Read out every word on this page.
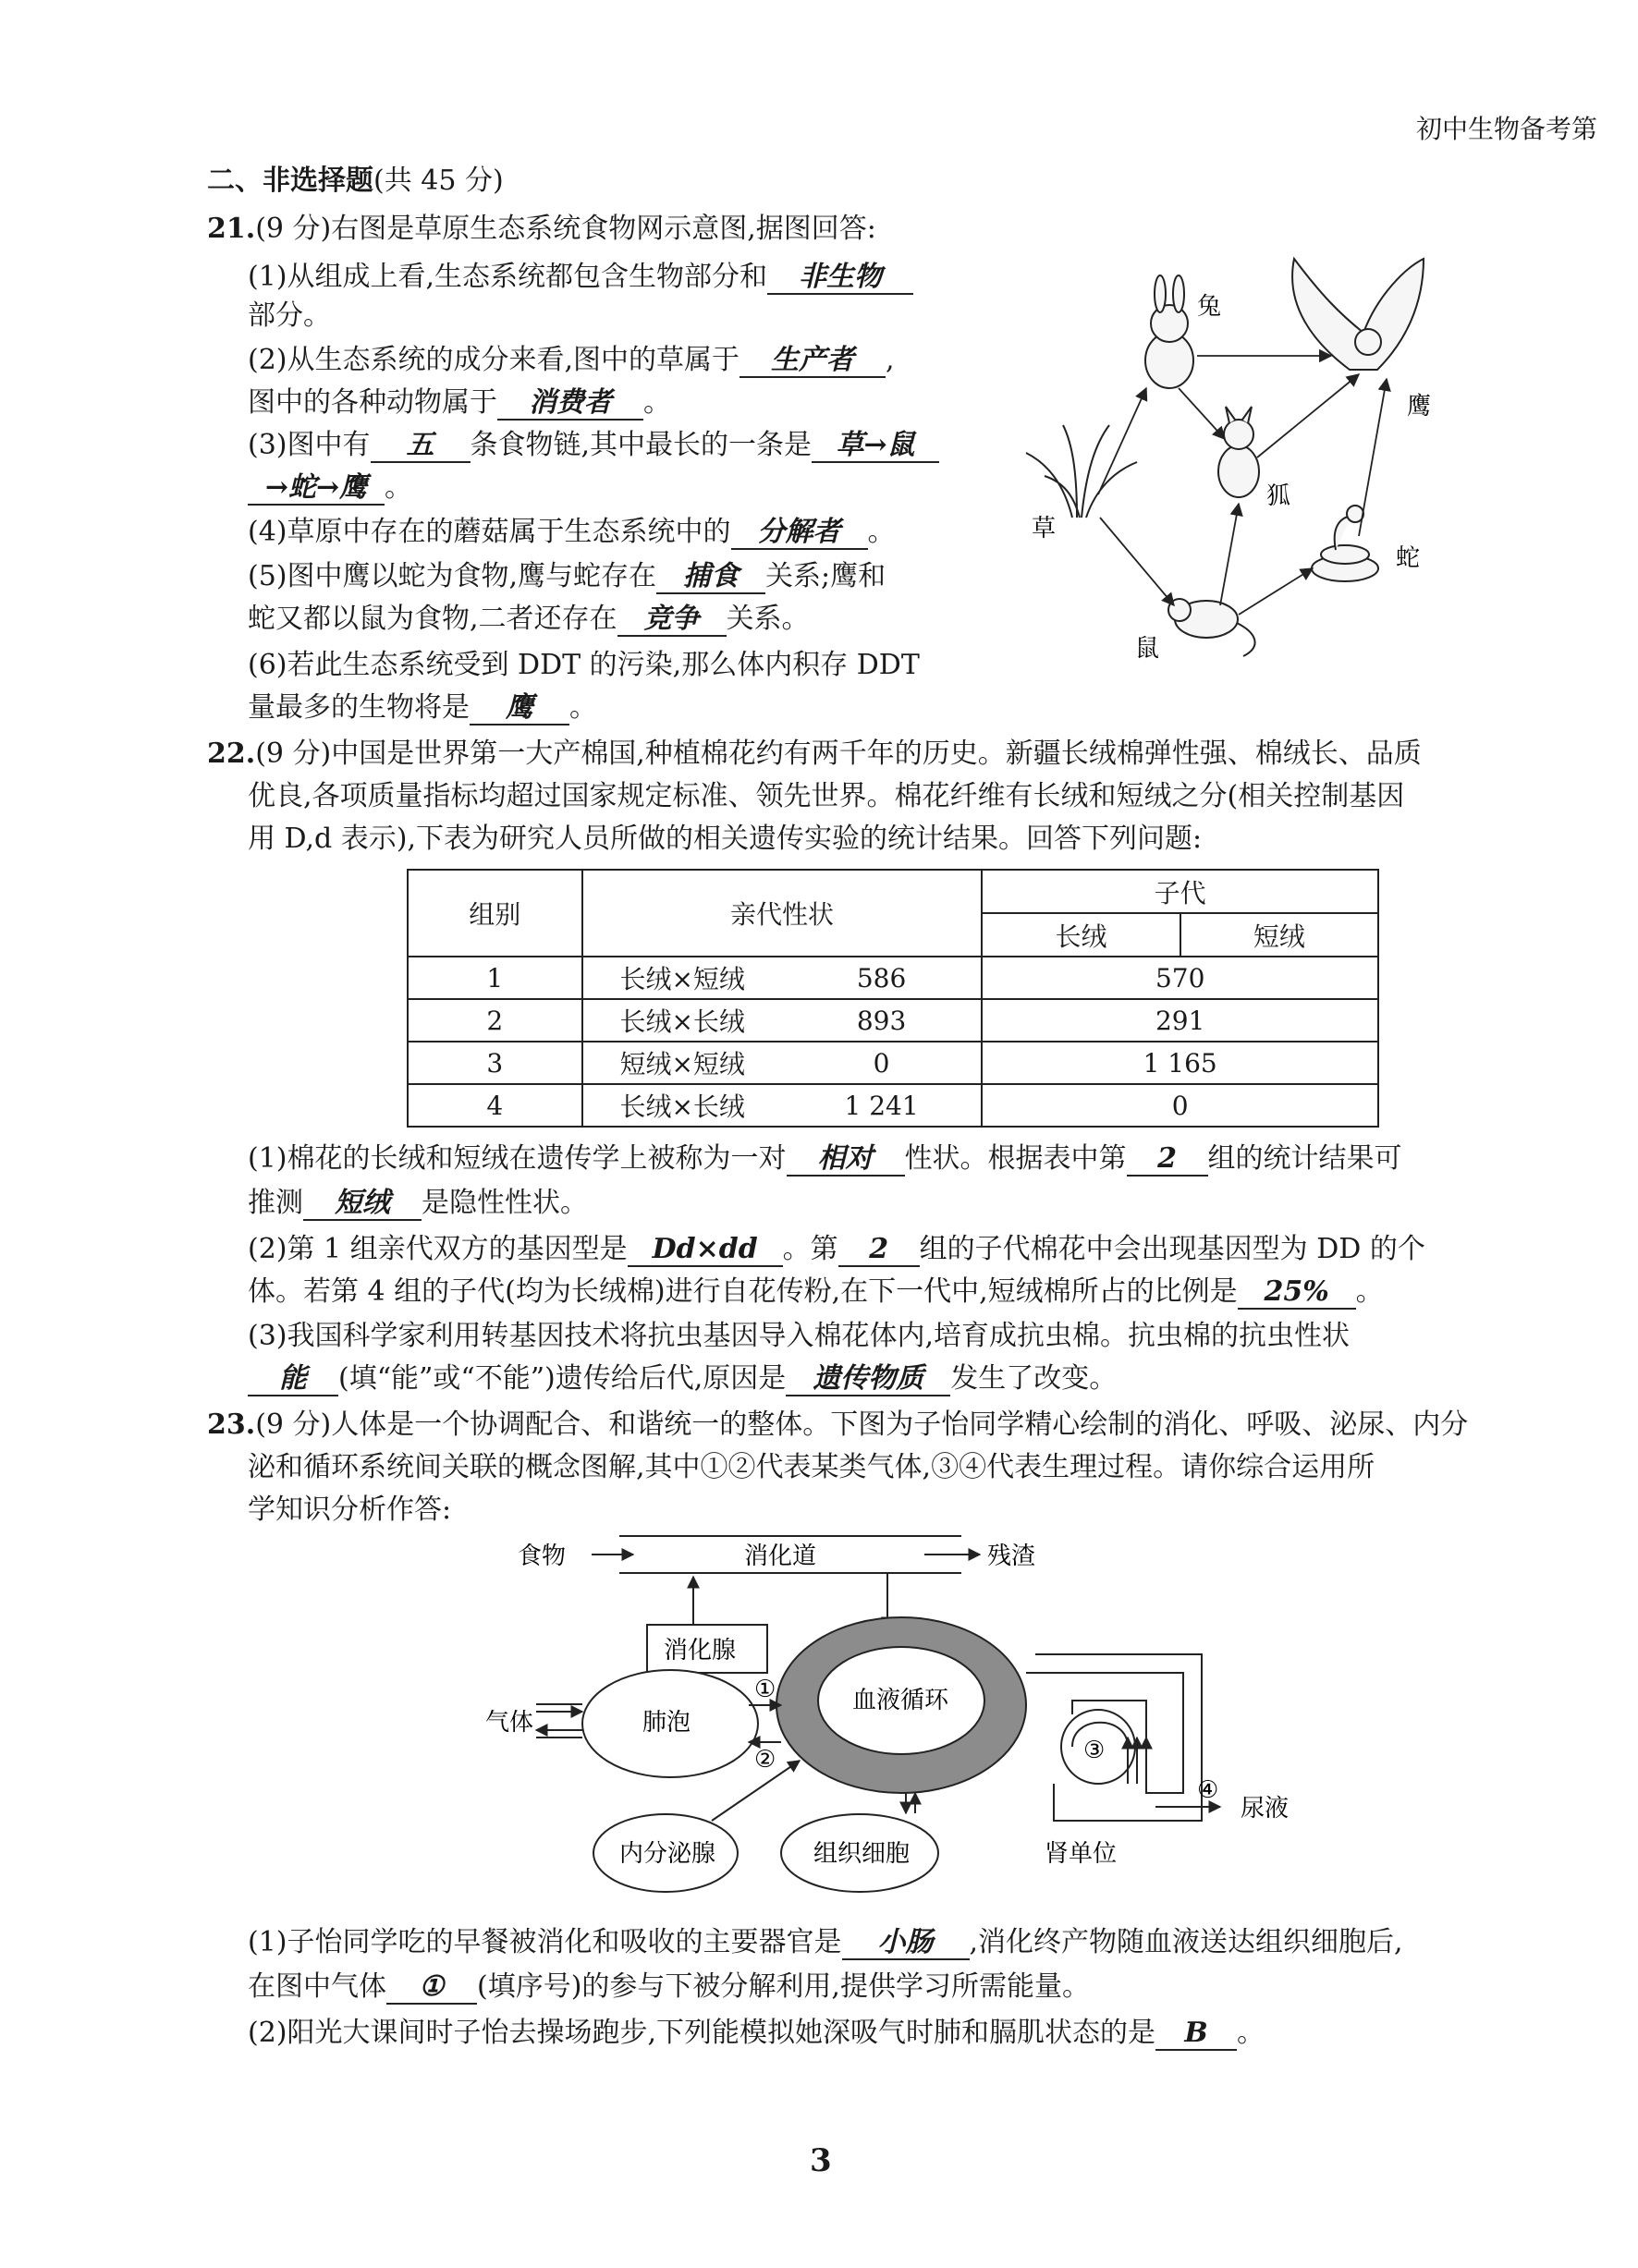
初中生物备考第
二、非选择题(共 45 分)
21.(9 分)右图是草原生态系统食物网示意图,据图回答:
(1)从组成上看,生态系统都包含生物部分和 非生物
部分。
(2)从生态系统的成分来看,图中的草属于 生产者 ,
图中的各种动物属于 消费者 。
(3)图中有 五 条食物链,其中最长的一条是 草→鼠
→蛇→鹰 。
(4)草原中存在的蘑菇属于生态系统中的 分解者 。
(5)图中鹰以蛇为食物,鹰与蛇存在 捕食 关系;鹰和
蛇又都以鼠为食物,二者还存在 竞争 关系。
(6)若此生态系统受到 DDT 的污染,那么体内积存 DDT
量最多的生物将是 鹰 。
草
兔
鹰
狐
蛇
鼠
22.(9 分)中国是世界第一大产棉国,种植棉花约有两千年的历史。新疆长绒棉弹性强、棉绒长、品质
优良,各项质量指标均超过国家规定标准、领先世界。棉花纤维有长绒和短绒之分(相关控制基因
用 D,d 表示),下表为研究人员所做的相关遗传实验的统计结果。回答下列问题:
组别	亲代性状		子代	
			长绒	短绒
1	长绒×短绒	586	570	
2	长绒×长绒	893	291	
3	短绒×短绒	0	1 165	
4	长绒×长绒	1 241	0	
(1)棉花的长绒和短绒在遗传学上被称为一对 相对 性状。根据表中第 2 组的统计结果可
推测 短绒 是隐性性状。
(2)第 1 组亲代双方的基因型是 Dd×dd 。第 2 组的子代棉花中会出现基因型为 DD 的个
体。若第 4 组的子代(均为长绒棉)进行自花传粉,在下一代中,短绒棉所占的比例是 25% 。
(3)我国科学家利用转基因技术将抗虫基因导入棉花体内,培育成抗虫棉。抗虫棉的抗虫性状
能 (填“能”或“不能”)遗传给后代,原因是 遗传物质 发生了改变。
23.(9 分)人体是一个协调配合、和谐统一的整体。下图为子怡同学精心绘制的消化、呼吸、泌尿、内分
泌和循环系统间关联的概念图解,其中①②代表某类气体,③④代表生理过程。请你综合运用所
学知识分析作答:
食物	消化道	残渣
消化腺
血液循环
气体	肺泡
①
②	③
④
内分泌腺	组织细胞
尿液
肾单位
(1)子怡同学吃的早餐被消化和吸收的主要器官是 小肠 ,消化终产物随血液送达组织细胞后,
在图中气体 ① (填序号)的参与下被分解利用,提供学习所需能量。
(2)阳光大课间时子怡去操场跑步,下列能模拟她深吸气时肺和膈肌状态的是 B 。
3
